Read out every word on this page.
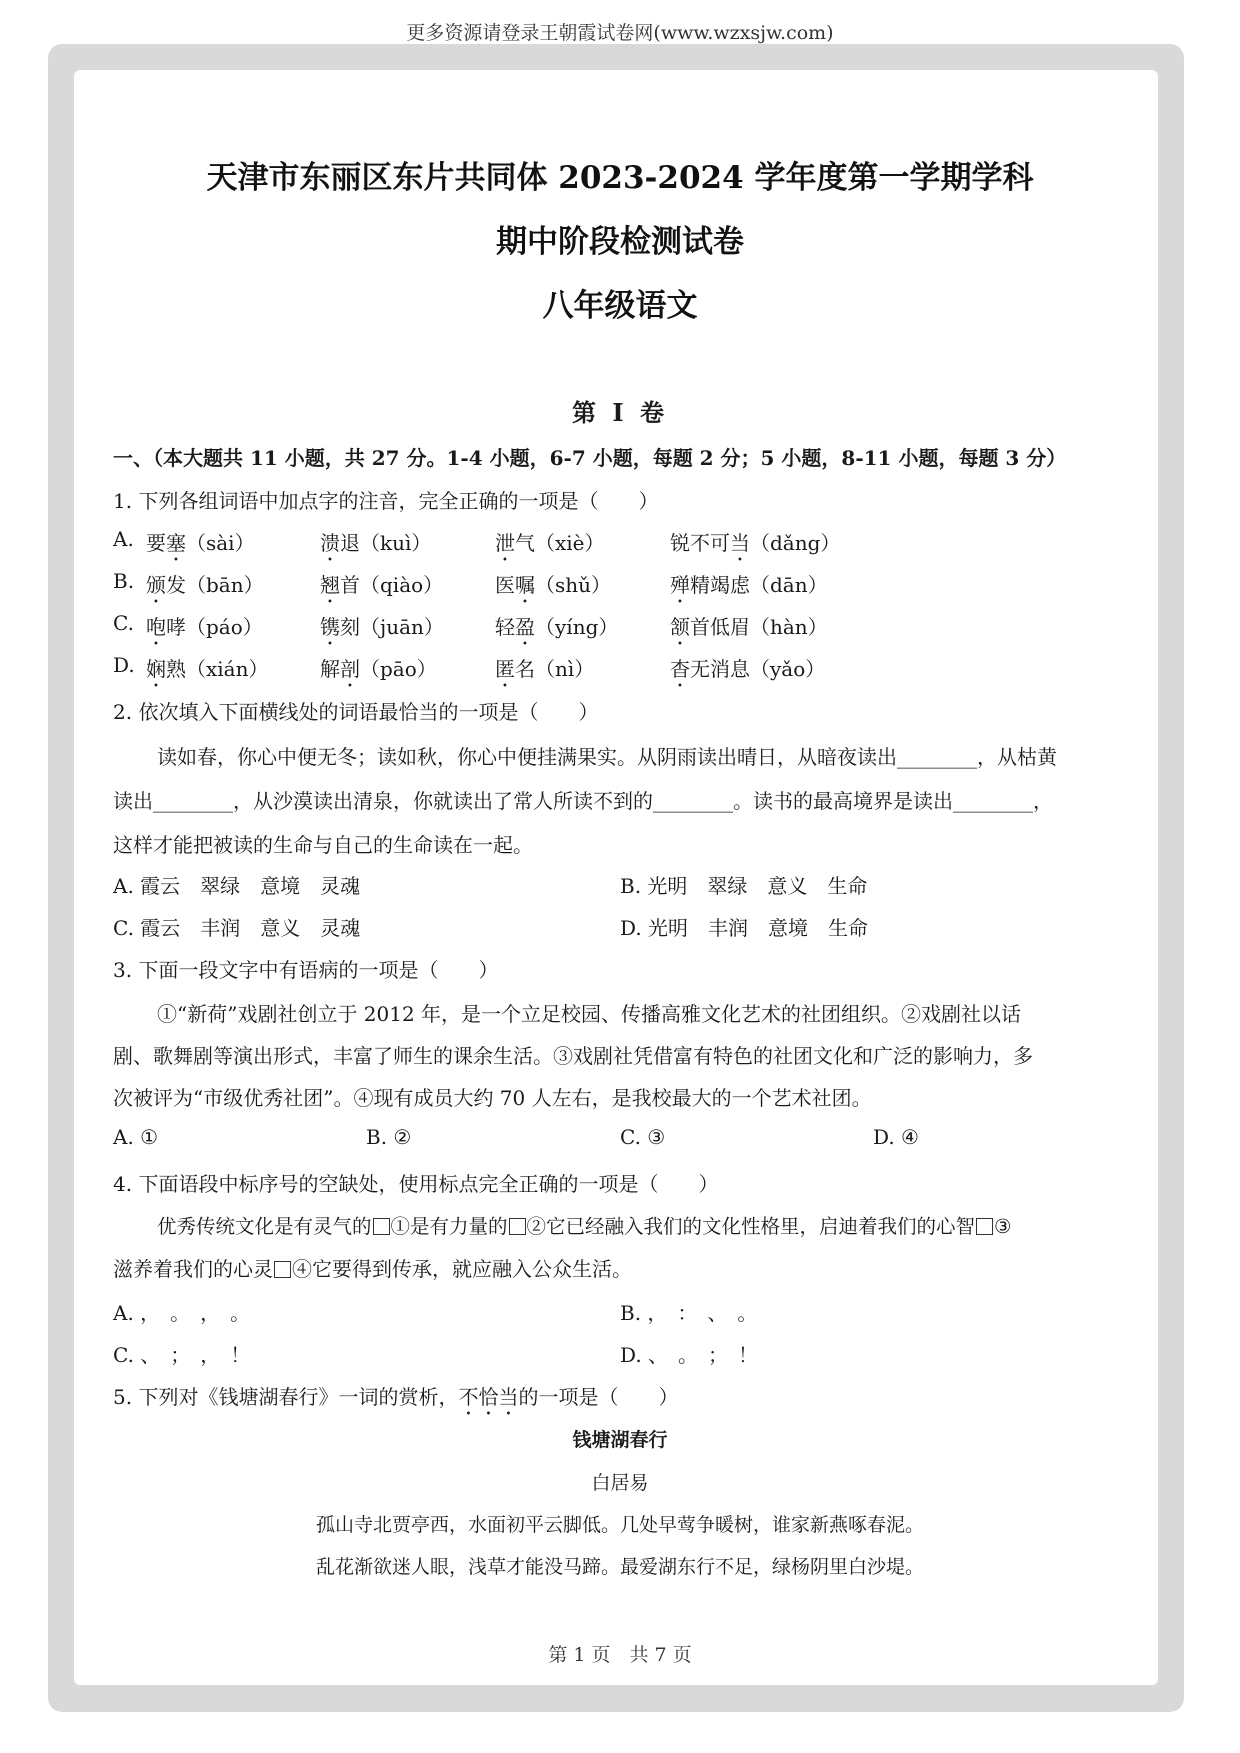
更多资源请登录王朝霞试卷网(www.wzxsjw.com)
天津市东丽区东片共同体 2023-2024 学年度第一学期学科
期中阶段检测试卷
八年级语文
第 I 卷
一、（本大题共 11 小题，共 27 分。1-4 小题，6-7 小题，每题 2 分；5 小题，8-11 小题，每题 3 分）
1. 下列各组词语中加点字的注音，完全正确的一项是（　　）
A. 要塞（sài）	溃退（kuì）	泄气（xiè）	锐不可当（dǎng）
B. 颁发（bān）	翘首（qiào）	医嘱（shǔ）	殚精竭虑（dān）
C. 咆哮（páo）	镌刻（juān）	轻盈（yíng）	颔首低眉（hàn）
D. 娴熟（xián）	解剖（pāo）	匿名（nì）	杳无消息（yǎo）
2. 依次填入下面横线处的词语最恰当的一项是（　　）
读如春，你心中便无冬；读如秋，你心中便挂满果实。从阴雨读出晴日，从暗夜读出________，从枯黄
读出________，从沙漠读出清泉，你就读出了常人所读不到的________。读书的最高境界是读出________，
这样才能把被读的生命与自己的生命读在一起。
A. 霞云　翠绿　意境　灵魂	B. 光明　翠绿　意义　生命
C. 霞云　丰润　意义　灵魂	D. 光明　丰润　意境　生命
3. 下面一段文字中有语病的一项是（　　）
①“新荷”戏剧社创立于 2012 年，是一个立足校园、传播高雅文化艺术的社团组织。②戏剧社以话
剧、歌舞剧等演出形式，丰富了师生的课余生活。③戏剧社凭借富有特色的社团文化和广泛的影响力，多
次被评为“市级优秀社团”。④现有成员大约 70 人左右，是我校最大的一个艺术社团。
A. ①	B. ②	C. ③	D. ④
4. 下面语段中标序号的空缺处，使用标点完全正确的一项是（　　）
优秀传统文化是有灵气的 ①是有力量的 ②它已经融入我们的文化性格里，启迪着我们的心智 ③
滋养着我们的心灵 ④它要得到传承，就应融入公众生活。
A. ，　。　，　。	B. ，　：　、　。
C. 、　；　，　！	D. 、　。　；　！
5. 下列对《钱塘湖春行》一词的赏析，不恰当的一项是（　　）
钱塘湖春行
白居易
孤山寺北贾亭西，水面初平云脚低。几处早莺争暖树，谁家新燕啄春泥。
乱花渐欲迷人眼，浅草才能没马蹄。最爱湖东行不足，绿杨阴里白沙堤。
第 1 页　共 7 页
